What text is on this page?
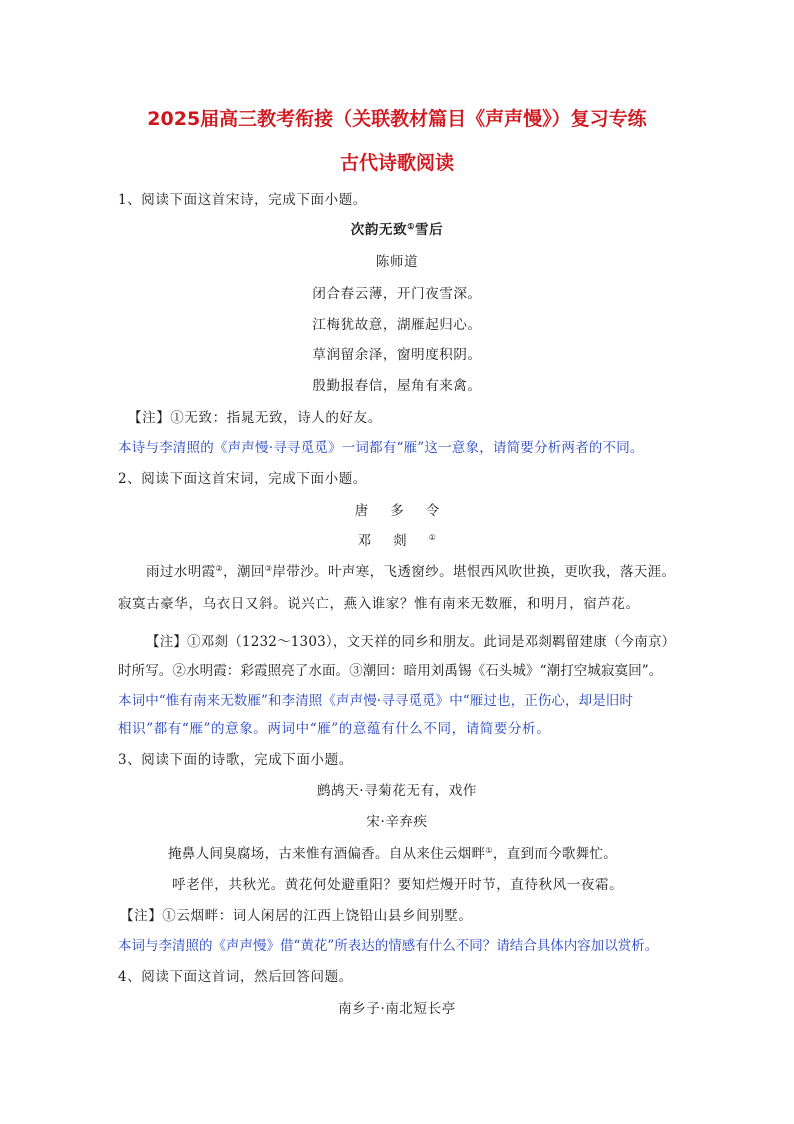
2025届高三教考衔接（关联教材篇目《声声慢》）复习专练
古代诗歌阅读
1、阅读下面这首宋诗，完成下面小题。
次韵无致①雪后
陈师道
闭合春云薄，开门夜雪深。
江梅犹故意，湖雁起归心。
草润留余泽，窗明度积阴。
殷勤报春信，屋角有来禽。
【注】①无致：指晁无致，诗人的好友。
本诗与李清照的《声声慢·寻寻觅觅》一词都有“雁”这一意象，请简要分析两者的不同。
2、阅读下面这首宋词，完成下面小题。
唐多令
邓剡①
雨过水明霞②，潮回③岸带沙。叶声寒，飞透窗纱。堪恨西风吹世换，更吹我，落天涯。
寂寞古豪华，乌衣日又斜。说兴亡，燕入谁家？惟有南来无数雁，和明月，宿芦花。
【注】①邓剡（1232～1303），文天祥的同乡和朋友。此词是邓剡羁留建康（今南京）
时所写。②水明霞：彩霞照亮了水面。③潮回：暗用刘禹锡《石头城》“潮打空城寂寞回”。
本词中“惟有南来无数雁”和李清照《声声慢·寻寻觅觅》中“雁过也，正伤心，却是旧时
相识”都有“雁”的意象。两词中“雁”的意蕴有什么不同，请简要分析。
3、阅读下面的诗歌，完成下面小题。
鹧鸪天·寻菊花无有，戏作
宋·辛弃疾
掩鼻人间臭腐场，古来惟有酒偏香。自从来住云烟畔①，直到而今歌舞忙。
呼老伴，共秋光。黄花何处避重阳？要知烂熳开时节，直待秋风一夜霜。
【注】①云烟畔：词人闲居的江西上饶铅山县乡间别墅。
本词与李清照的《声声慢》借“黄花”所表达的情感有什么不同？请结合具体内容加以赏析。
4、阅读下面这首词，然后回答问题。
南乡子·南北短长亭
